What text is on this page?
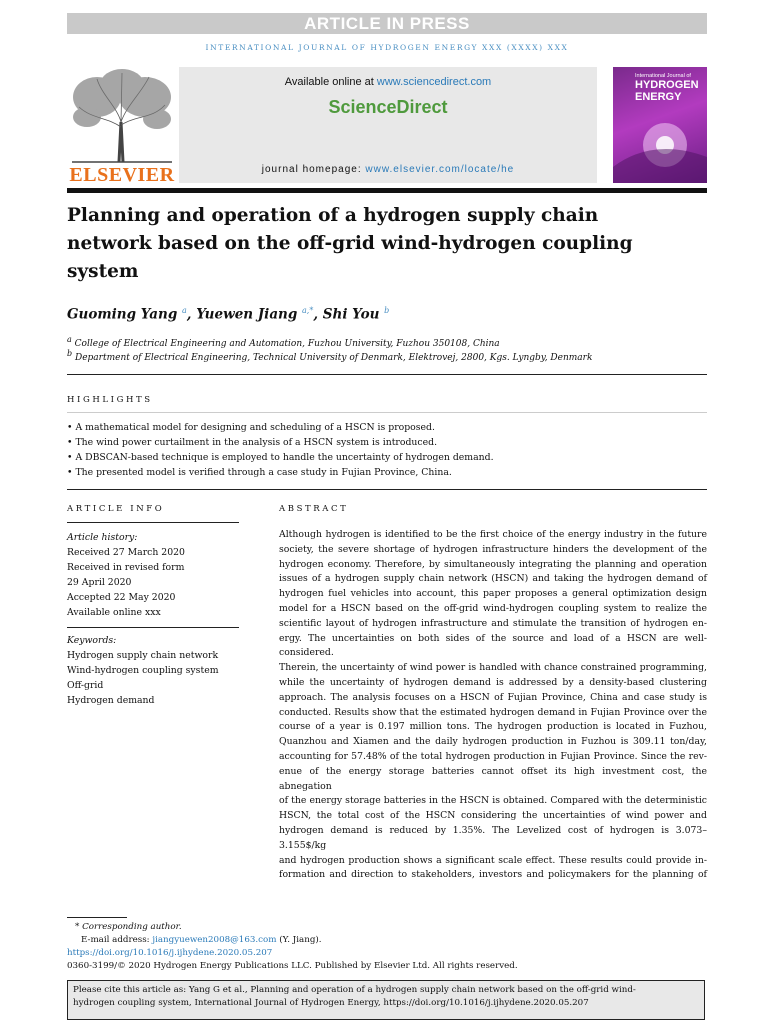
ARTICLE IN PRESS
INTERNATIONAL JOURNAL OF HYDROGEN ENERGY XXX (XXXX) XXX
ELSEVIER
Available online at www.sciencedirect.com
ScienceDirect
journal homepage: www.elsevier.com/locate/he
International Journal of
HYDROGEN
ENERGY
Planning and operation of a hydrogen supply chain network based on the off-grid wind-hydrogen coupling system
Guoming Yang $^a$, Yuewen Jiang $^{a,*}$, Shi You $^b$
$^a$ College of Electrical Engineering and Automation, Fuzhou University, Fuzhou 350108, China
$^b$ Department of Electrical Engineering, Technical University of Denmark, Elektrovej, 2800, Kgs. Lyngby, Denmark
HIGHLIGHTS
• A mathematical model for designing and scheduling of a HSCN is proposed.
• The wind power curtailment in the analysis of a HSCN system is introduced.
• A DBSCAN-based technique is employed to handle the uncertainty of hydrogen demand.
• The presented model is verified through a case study in Fujian Province, China.
ARTICLE INFO
Article history:
Received 27 March 2020
Received in revised form
29 April 2020
Accepted 22 May 2020
Available online xxx
Keywords:
Hydrogen supply chain network
Wind-hydrogen coupling system
Off-grid
Hydrogen demand
ABSTRACT
Although hydrogen is identified to be the first choice of the energy industry in the future
society, the severe shortage of hydrogen infrastructure hinders the development of the
hydrogen economy. Therefore, by simultaneously integrating the planning and operation
issues of a hydrogen supply chain network (HSCN) and taking the hydrogen demand of
hydrogen fuel vehicles into account, this paper proposes a general optimization design
model for a HSCN based on the off-grid wind-hydrogen coupling system to realize the
scientific layout of hydrogen infrastructure and stimulate the transition of hydrogen en-
ergy. The uncertainties on both sides of the source and load of a HSCN are well-considered.
Therein, the uncertainty of wind power is handled with chance constrained programming,
while the uncertainty of hydrogen demand is addressed by a density-based clustering
approach. The analysis focuses on a HSCN of Fujian Province, China and case study is
conducted. Results show that the estimated hydrogen demand in Fujian Province over the
course of a year is 0.197 million tons. The hydrogen production is located in Fuzhou,
Quanzhou and Xiamen and the daily hydrogen production in Fuzhou is 309.11 ton/day,
accounting for 57.48% of the total hydrogen production in Fujian Province. Since the rev-
enue of the energy storage batteries cannot offset its high investment cost, the abnegation
of the energy storage batteries in the HSCN is obtained. Compared with the deterministic
HSCN, the total cost of the HSCN considering the uncertainties of wind power and
hydrogen demand is reduced by 1.35%. The Levelized cost of hydrogen is 3.073–3.155$/kg
and hydrogen production shows a significant scale effect. These results could provide in-
formation and direction to stakeholders, investors and policymakers for the planning of
* Corresponding author.
E-mail address: jiangyuewen2008@163.com (Y. Jiang).
https://doi.org/10.1016/j.ijhydene.2020.05.207
0360-3199/© 2020 Hydrogen Energy Publications LLC. Published by Elsevier Ltd. All rights reserved.
Please cite this article as: Yang G et al., Planning and operation of a hydrogen supply chain network based on the off-grid wind-
hydrogen coupling system, International Journal of Hydrogen Energy, https://doi.org/10.1016/j.ijhydene.2020.05.207
